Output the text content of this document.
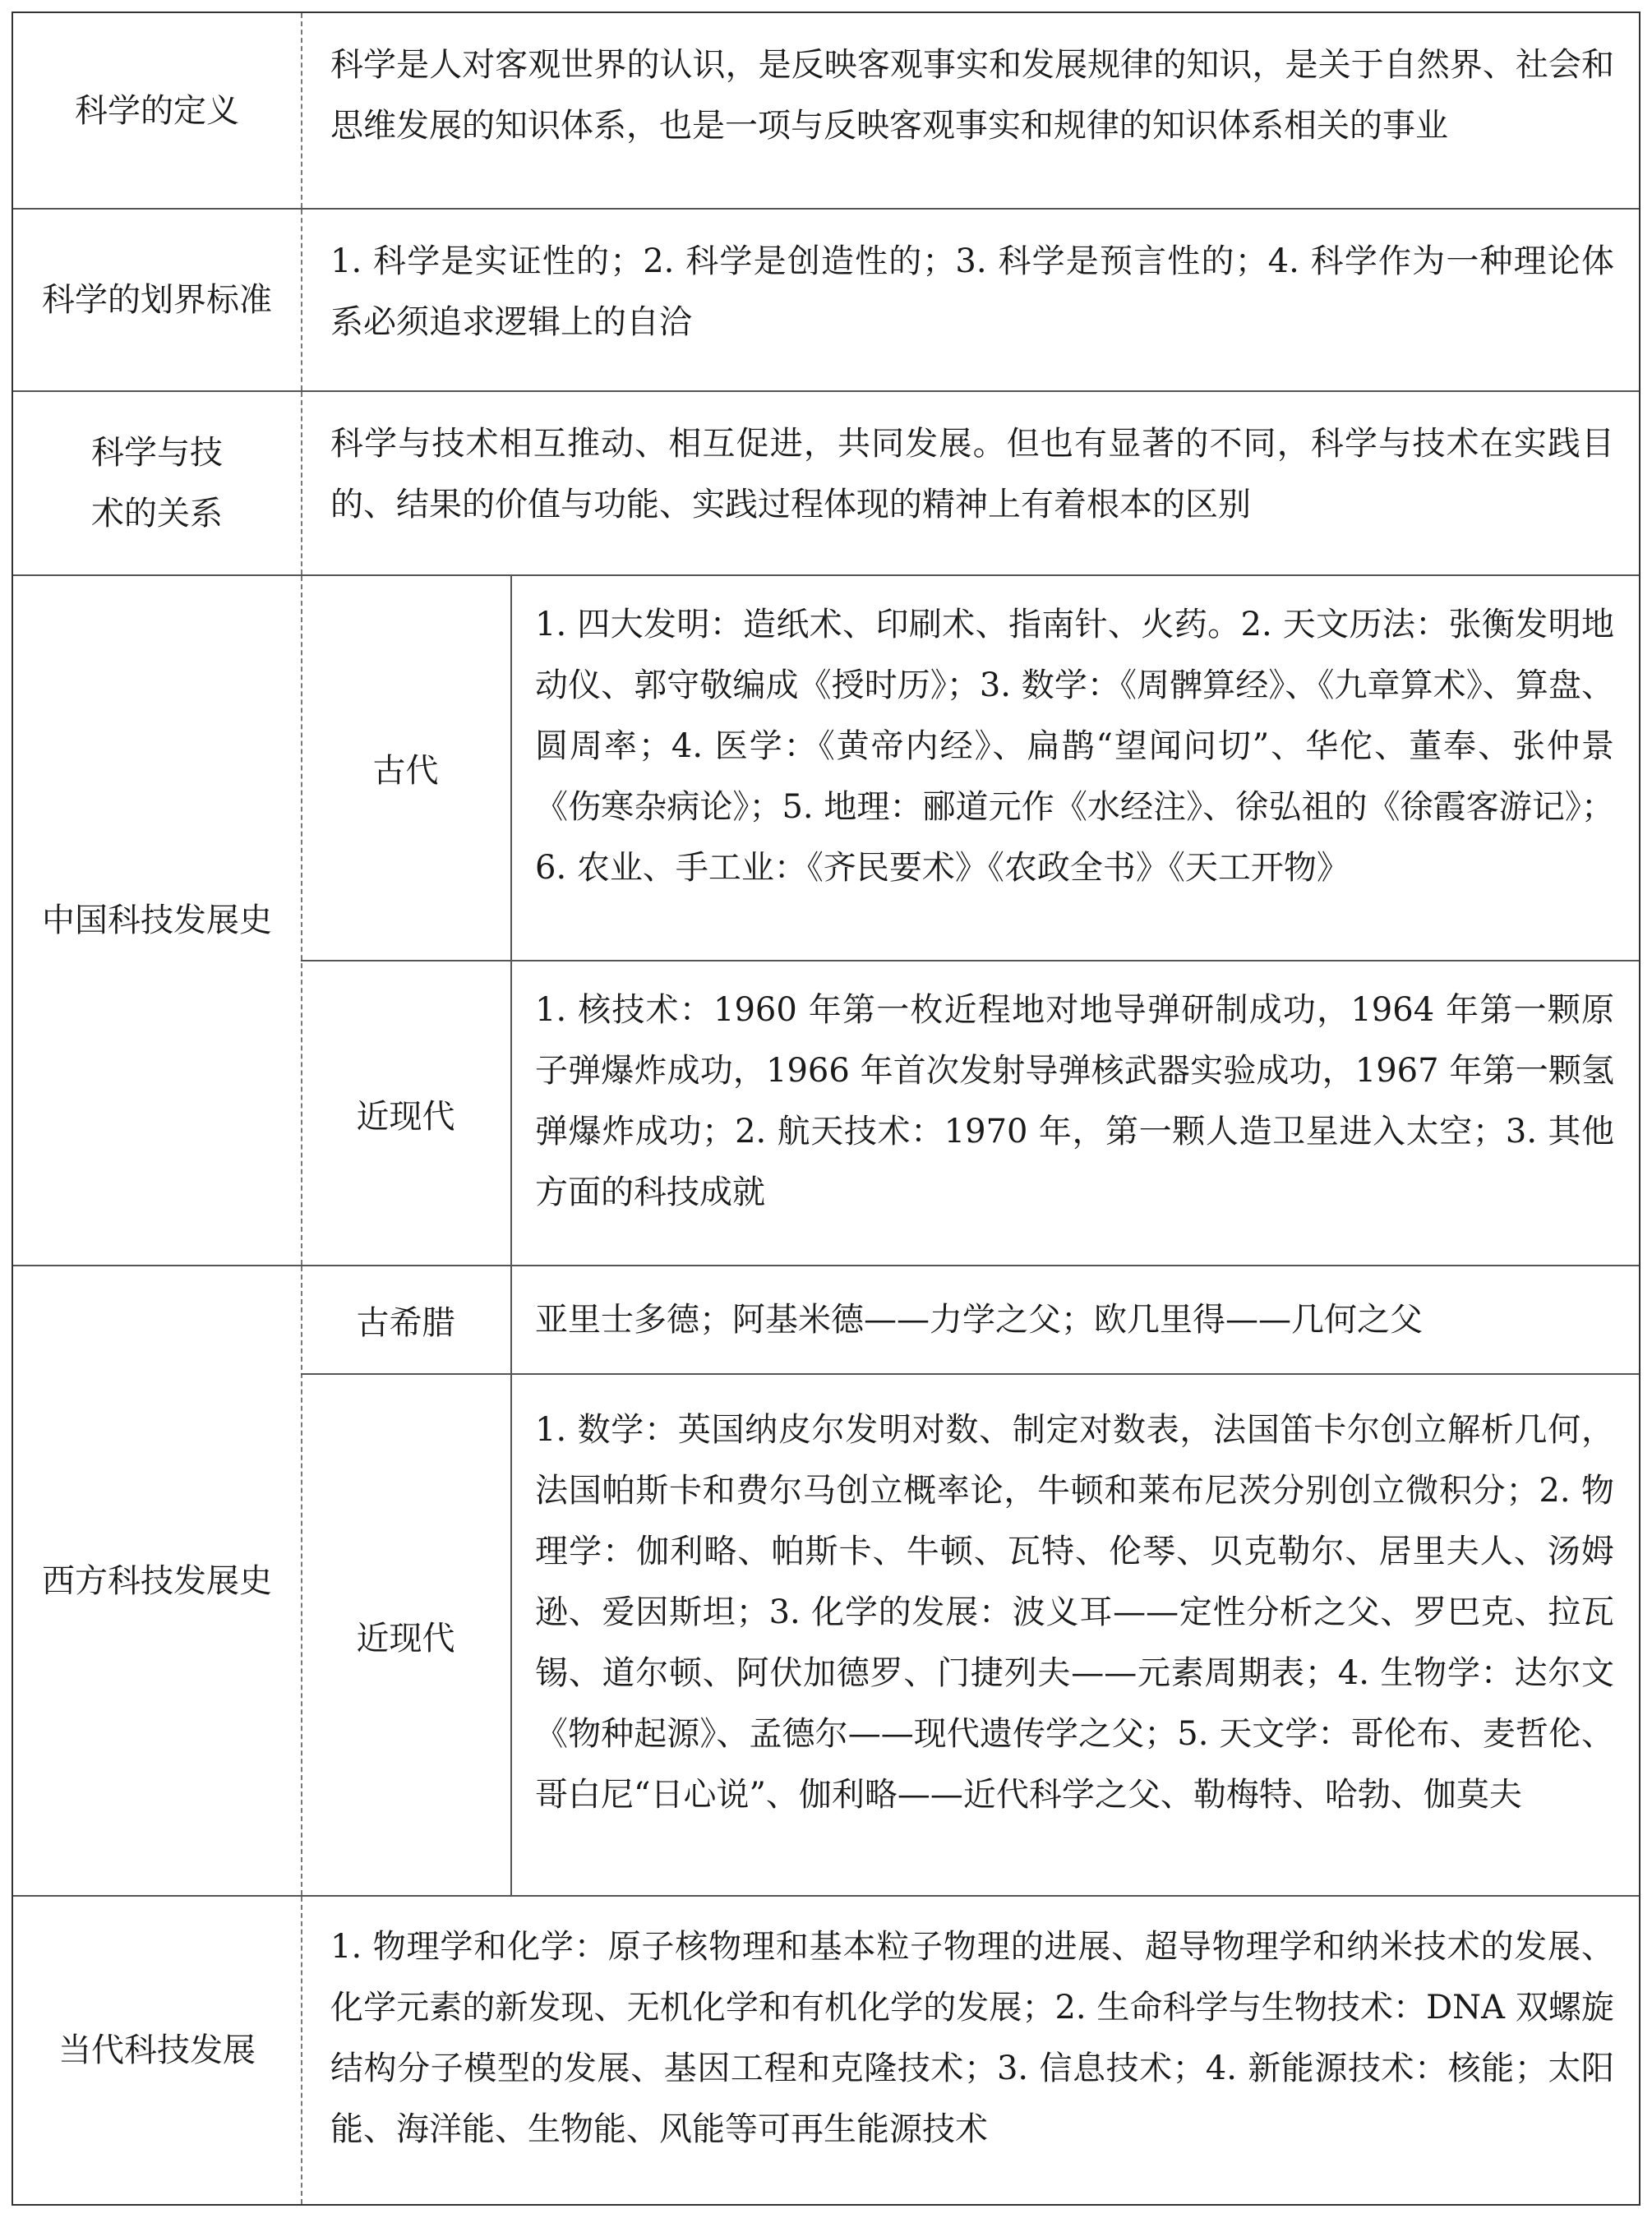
科学的定义
科学是人对客观世界的认识，是反映客观事实和发展规律的知识，是关于自然界、社会和思维发展的知识体系，也是一项与反映客观事实和规律的知识体系相关的事业
科学的划界标准
1. 科学是实证性的；2. 科学是创造性的；3. 科学是预言性的；4. 科学作为一种理论体系必须追求逻辑上的自洽
科学与技术的关系
科学与技术相互推动、相互促进，共同发展。但也有显著的不同，科学与技术在实践目的、结果的价值与功能、实践过程体现的精神上有着根本的区别
中国科技发展史
古代
1. 四大发明：造纸术、印刷术、指南针、火药。2. 天文历法：张衡发明地动仪、郭守敬编成《授时历》；3. 数学：《周髀算经》、《九章算术》、算盘、圆周率；4. 医学：《黄帝内经》、扁鹊“望闻问切”、华佗、董奉、张仲景《伤寒杂病论》；5. 地理：郦道元作《水经注》、徐弘祖的《徐霞客游记》；6. 农业、手工业：《齐民要术》《农政全书》《天工开物》
近现代
1. 核技术：1960 年第一枚近程地对地导弹研制成功，1964 年第一颗原子弹爆炸成功，1966 年首次发射导弹核武器实验成功，1967 年第一颗氢弹爆炸成功；2. 航天技术：1970 年，第一颗人造卫星进入太空；3. 其他方面的科技成就
西方科技发展史
古希腊	亚里士多德；阿基米德——力学之父；欧几里得——几何之父
近现代
1. 数学：英国纳皮尔发明对数、制定对数表，法国笛卡尔创立解析几何，法国帕斯卡和费尔马创立概率论，牛顿和莱布尼茨分别创立微积分；2. 物理学：伽利略、帕斯卡、牛顿、瓦特、伦琴、贝克勒尔、居里夫人、汤姆逊、爱因斯坦；3. 化学的发展：波义耳——定性分析之父、罗巴克、拉瓦锡、道尔顿、阿伏加德罗、门捷列夫——元素周期表；4. 生物学：达尔文《物种起源》、孟德尔——现代遗传学之父；5. 天文学：哥伦布、麦哲伦、哥白尼“日心说”、伽利略——近代科学之父、勒梅特、哈勃、伽莫夫
当代科技发展
1. 物理学和化学：原子核物理和基本粒子物理的进展、超导物理学和纳米技术的发展、化学元素的新发现、无机化学和有机化学的发展；2. 生命科学与生物技术：DNA 双螺旋结构分子模型的发展、基因工程和克隆技术；3. 信息技术；4. 新能源技术：核能；太阳能、海洋能、生物能、风能等可再生能源技术
